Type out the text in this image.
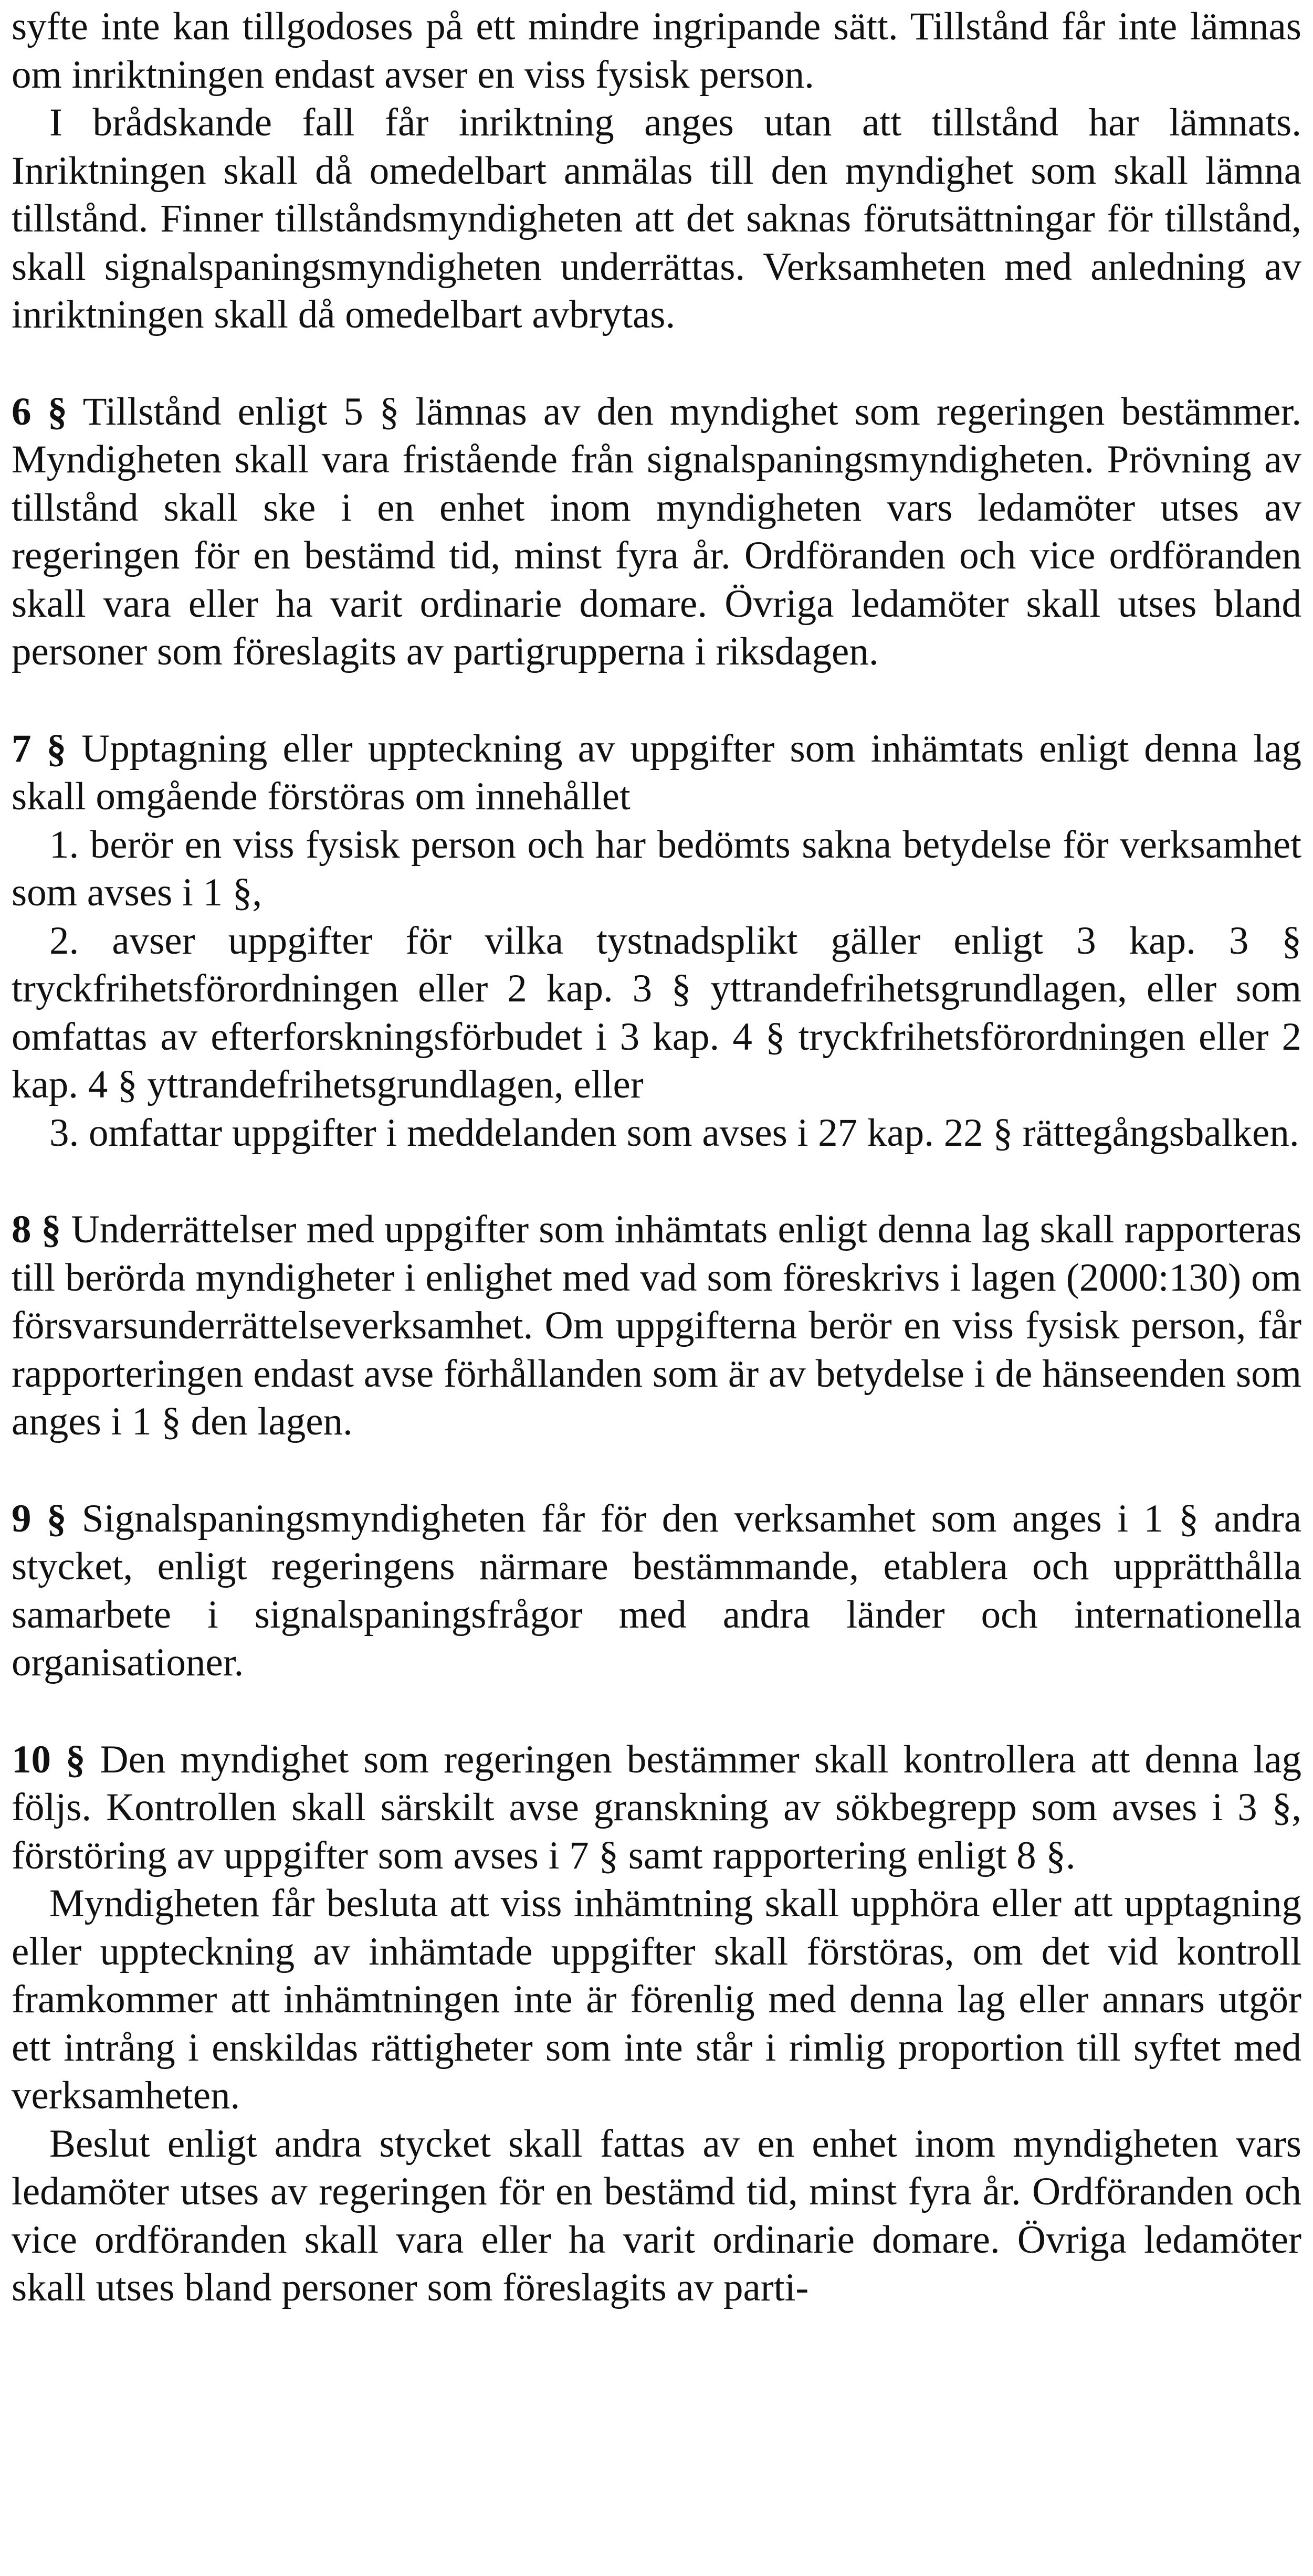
syfte inte kan tillgodoses på ett mindre ingripande sätt. Tillstånd får inte lämnas om inriktningen endast avser en viss fysisk person.

I brådskande fall får inriktning anges utan att tillstånd har lämnats. Inriktningen skall då omedelbart anmälas till den myndighet som skall lämna tillstånd. Finner tillståndsmyndigheten att det saknas förutsättningar för tillstånd, skall signalspaningsmyndigheten underrättas. Verksamheten med anledning av inriktningen skall då omedelbart avbrytas.

6 § Tillstånd enligt 5 § lämnas av den myndighet som regeringen bestämmer. Myndigheten skall vara fristående från signalspaningsmyndigheten. Prövning av tillstånd skall ske i en enhet inom myndigheten vars ledamöter utses av regeringen för en bestämd tid, minst fyra år. Ordföranden och vice ordföranden skall vara eller ha varit ordinarie domare. Övriga ledamöter skall utses bland personer som föreslagits av partigrupperna i riksdagen.

7 § Upptagning eller uppteckning av uppgifter som inhämtats enligt denna lag skall omgående förstöras om innehållet

1. berör en viss fysisk person och har bedömts sakna betydelse för verksamhet som avses i 1 §,

2. avser uppgifter för vilka tystnadsplikt gäller enligt 3 kap. 3 § tryckfrihetsförordningen eller 2 kap. 3 § yttrandefrihetsgrundlagen, eller som omfattas av efterforskningsförbudet i 3 kap. 4 § tryckfrihetsförordningen eller 2 kap. 4 § yttrandefrihetsgrundlagen, eller

3. omfattar uppgifter i meddelanden som avses i 27 kap. 22 § rättegångsbalken.

8 § Underrättelser med uppgifter som inhämtats enligt denna lag skall rapporteras till berörda myndigheter i enlighet med vad som föreskrivs i lagen (2000:130) om försvarsunderrättelseverksamhet. Om uppgifterna berör en viss fysisk person, får rapporteringen endast avse förhållanden som är av betydelse i de hänseenden som anges i 1 § den lagen.

9 § Signalspaningsmyndigheten får för den verksamhet som anges i 1 § andra stycket, enligt regeringens närmare bestämmande, etablera och upprätthålla samarbete i signalspaningsfrågor med andra länder och internationella organisationer.

10 § Den myndighet som regeringen bestämmer skall kontrollera att denna lag följs. Kontrollen skall särskilt avse granskning av sökbegrepp som avses i 3 §, förstöring av uppgifter som avses i 7 § samt rapportering enligt 8 §.

Myndigheten får besluta att viss inhämtning skall upphöra eller att upptagning eller uppteckning av inhämtade uppgifter skall förstöras, om det vid kontroll framkommer att inhämtningen inte är förenlig med denna lag eller annars utgör ett intrång i enskildas rättigheter som inte står i rimlig proportion till syftet med verksamheten.

Beslut enligt andra stycket skall fattas av en enhet inom myndigheten vars ledamöter utses av regeringen för en bestämd tid, minst fyra år. Ordföranden och vice ordföranden skall vara eller ha varit ordinarie domare. Övriga ledamöter skall utses bland personer som föreslagits av parti-
